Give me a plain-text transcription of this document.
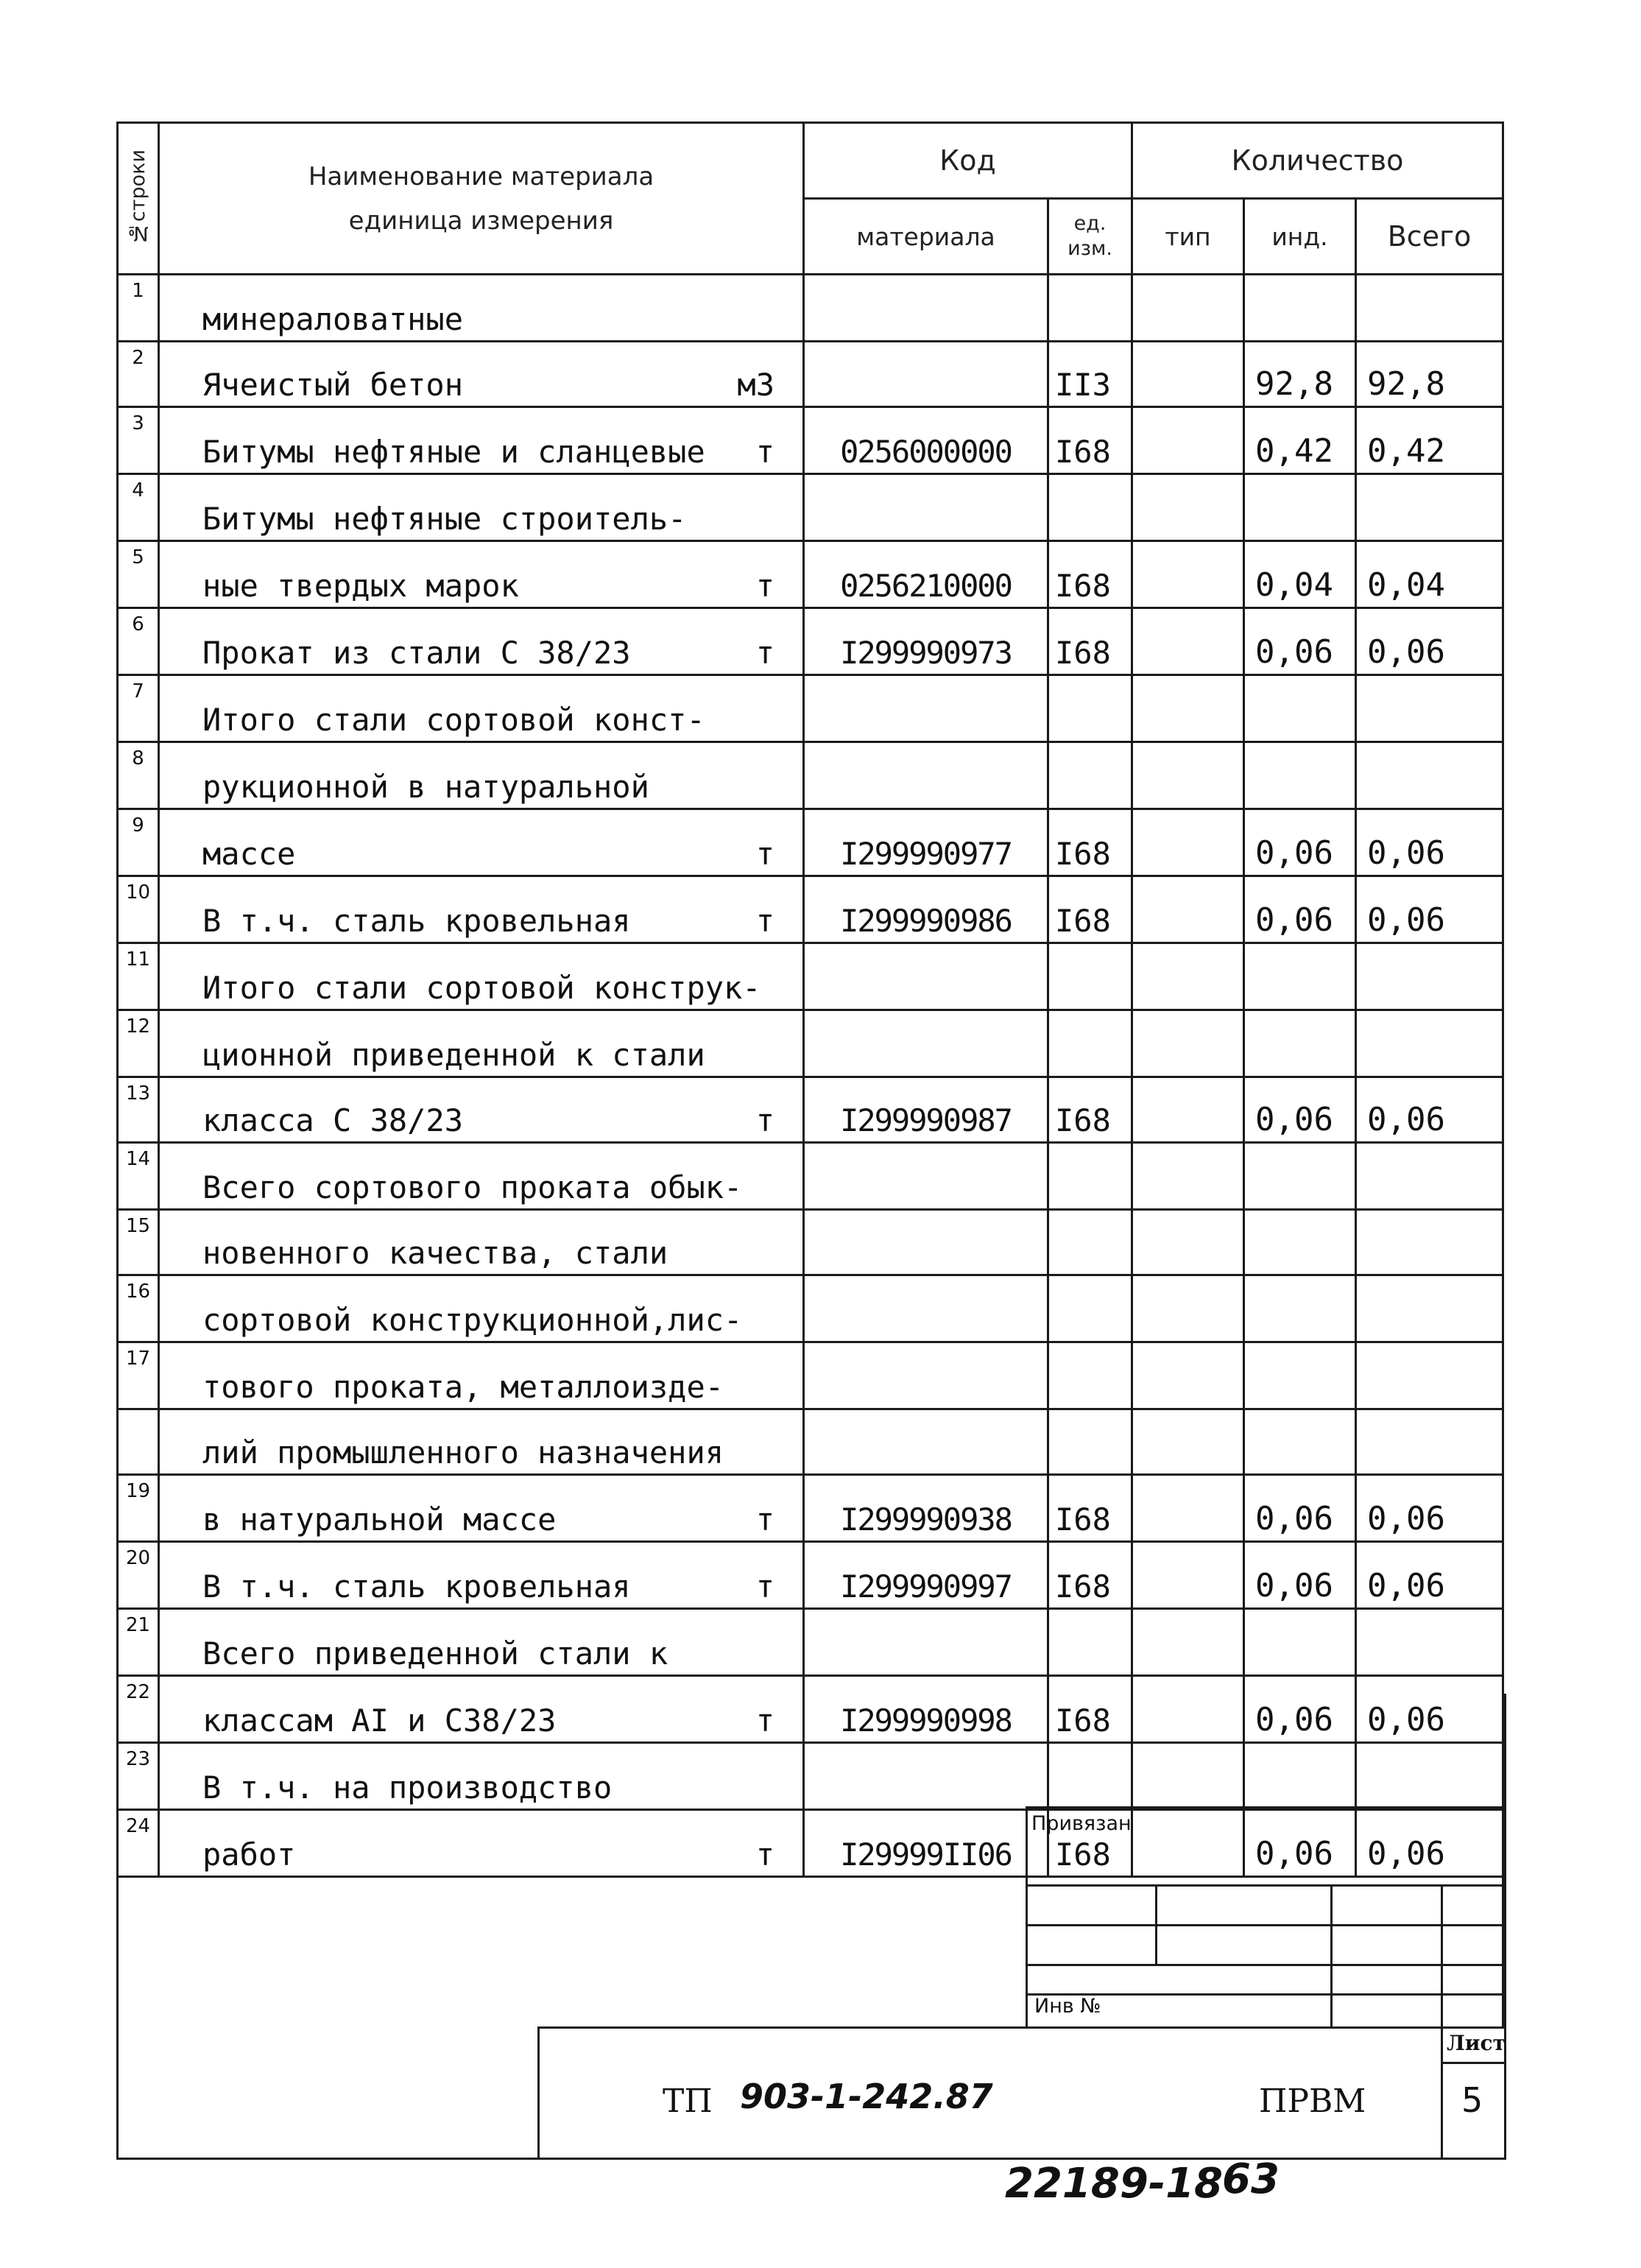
№строки	Наименование материала
единица измерения	Код		Количество		
		материала	ед. изм.	тип	инд.	Всего
1	минераловатные

2	Ячеистый бетон м3		II3		92,8	92,8
3	Битумы нефтяные и сланцевые т	0256000000	I68		0,42	0,42
4	Битумы нефтяные строитель-

5	ные твердых марок т	0256210000	I68		0,04	0,04
6	Прокат из стали С 38/23 т	I299990973	I68		0,06	0,06
7	Итого стали сортовой конст-

8	рукционной в натуральной

9	массе т	I299990977	I68		0,06	0,06
10	В т.ч. сталь кровельная т	I299990986	I68		0,06	0,06
11	Итого стали сортовой конструк-

12	ционной приведенной к стали

13	класса С 38/23 т	I299990987	I68		0,06	0,06
14	Всего сортового проката обык-

15	новенного качества, стали

16	сортовой конструкционной,лис-

17	тового проката, металлоизде-

	лий промышленного назначения

19	в натуральной массе т	I299990938	I68		0,06	0,06
20	В т.ч. сталь кровельная т	I299990997	I68		0,06	0,06
21	Всего приведенной стали к

22	классам АI и С38/23 т	I299990998	I68		0,06	0,06
23	В т.ч. на производство

24	работ т	I29999II06	I68		0,06	0,06
Привязан
Инв №
Лист
5
ТП 903-1-242.87	ПРВМ
22189-18 63
